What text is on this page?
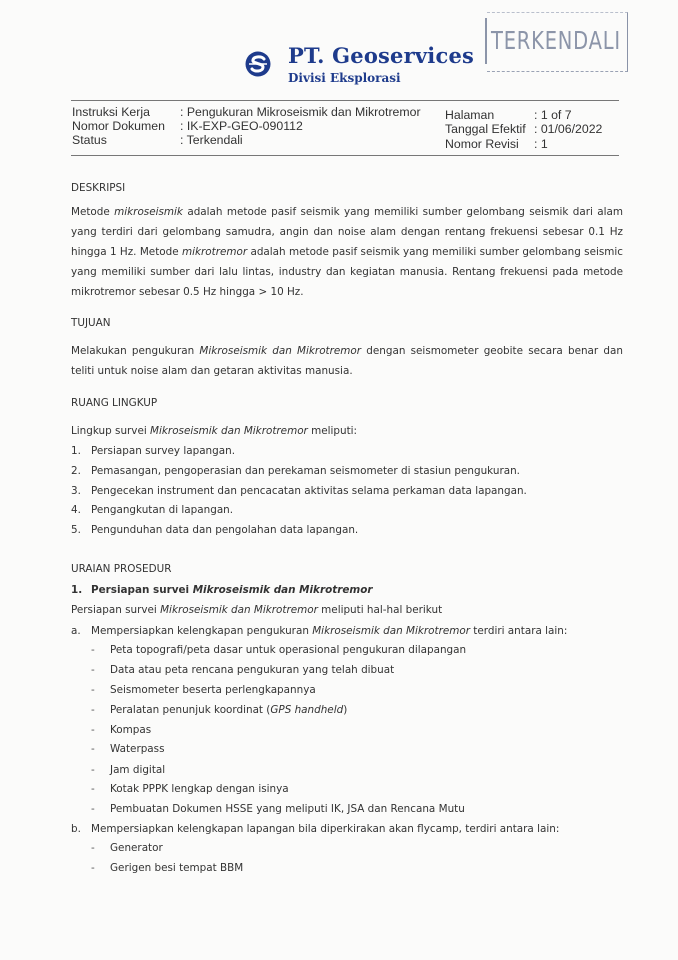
PT. Geoservices
Divisi Eksplorasi
TERKENDALI
Instruksi Kerja : Pengukuran Mikroseismik dan Mikrotremor
Nomor Dokumen : IK-EXP-GEO-090112
Status	: Terkendali
Halaman	: 1 of 7
Tanggal Efektif : 01/06/2022
Nomor Revisi : 1
DESKRIPSI
Metode mikroseismik adalah metode pasif seismik yang memiliki sumber gelombang seismik dari alam yang terdiri dari gelombang samudra, angin dan noise alam dengan rentang frekuensi sebesar 0.1 Hz hingga 1 Hz. Metode mikrotremor adalah metode pasif seismik yang memiliki sumber gelombang seismic yang memiliki sumber dari lalu lintas, industry dan kegiatan manusia. Rentang frekuensi pada metode mikrotremor sebesar 0.5 Hz hingga > 10 Hz.
TUJUAN
Melakukan pengukuran Mikroseismik dan Mikrotremor dengan seismometer geobite secara benar dan teliti untuk noise alam dan getaran aktivitas manusia.
RUANG LINGKUP
Lingkup survei Mikroseismik dan Mikrotremor meliputi:
1. Persiapan survey lapangan.
2. Pemasangan, pengoperasian dan perekaman seismometer di stasiun pengukuran.
3. Pengecekan instrument dan pencacatan aktivitas selama perkaman data lapangan.
4. Pengangkutan di lapangan.
5. Pengunduhan data dan pengolahan data lapangan.
URAIAN PROSEDUR
1. Persiapan survei Mikroseismik dan Mikrotremor
Persiapan survei Mikroseismik dan Mikrotremor meliputi hal-hal berikut
a. Mempersiapkan kelengkapan pengukuran Mikroseismik dan Mikrotremor terdiri antara lain:
- Peta topografi/peta dasar untuk operasional pengukuran dilapangan
- Data atau peta rencana pengukuran yang telah dibuat
- Seismometer beserta perlengkapannya
- Peralatan penunjuk koordinat (GPS handheld)
- Kompas
- Waterpass
- Jam digital
- Kotak PPPK lengkap dengan isinya
- Pembuatan Dokumen HSSE yang meliputi IK, JSA dan Rencana Mutu
b. Mempersiapkan kelengkapan lapangan bila diperkirakan akan flycamp, terdiri antara lain:
- Generator
- Gerigen besi tempat BBM
